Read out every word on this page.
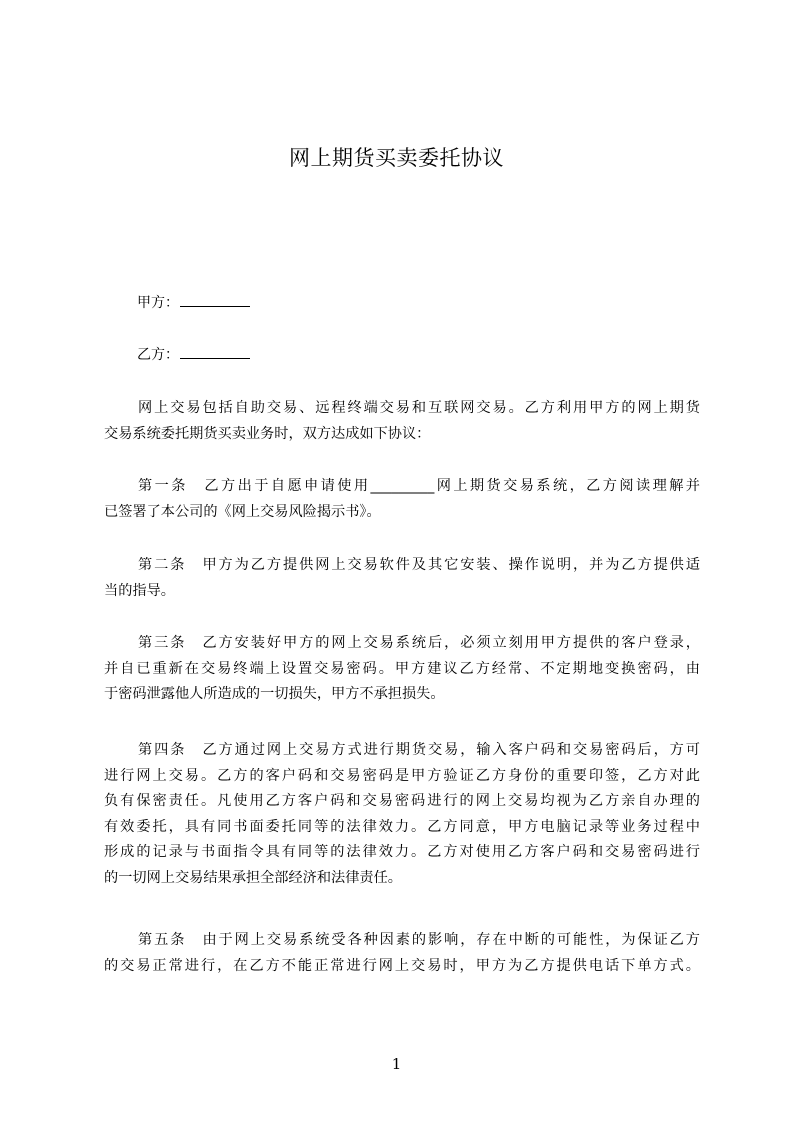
网上期货买卖委托协议
甲方：
乙方：
网上交易包括自助交易、远程终端交易和互联网交易。乙方利用甲方的网上期货
交易系统委托期货买卖业务时，双方达成如下协议：
第一条　乙方出于自愿申请使用_________网上期货交易系统，乙方阅读理解并
已签署了本公司的《网上交易风险揭示书》。
第二条　甲方为乙方提供网上交易软件及其它安装、操作说明，并为乙方提供适
当的指导。
第三条　乙方安装好甲方的网上交易系统后，必须立刻用甲方提供的客户登录，
并自已重新在交易终端上设置交易密码。甲方建议乙方经常、不定期地变换密码，由
于密码泄露他人所造成的一切损失，甲方不承担损失。
第四条　乙方通过网上交易方式进行期货交易，输入客户码和交易密码后，方可
进行网上交易。乙方的客户码和交易密码是甲方验证乙方身份的重要印签，乙方对此
负有保密责任。凡使用乙方客户码和交易密码进行的网上交易均视为乙方亲自办理的
有效委托，具有同书面委托同等的法律效力。乙方同意，甲方电脑记录等业务过程中
形成的记录与书面指令具有同等的法律效力。乙方对使用乙方客户码和交易密码进行
的一切网上交易结果承担全部经济和法律责任。
第五条　由于网上交易系统受各种因素的影响，存在中断的可能性，为保证乙方
的交易正常进行，在乙方不能正常进行网上交易时，甲方为乙方提供电话下单方式。
1
